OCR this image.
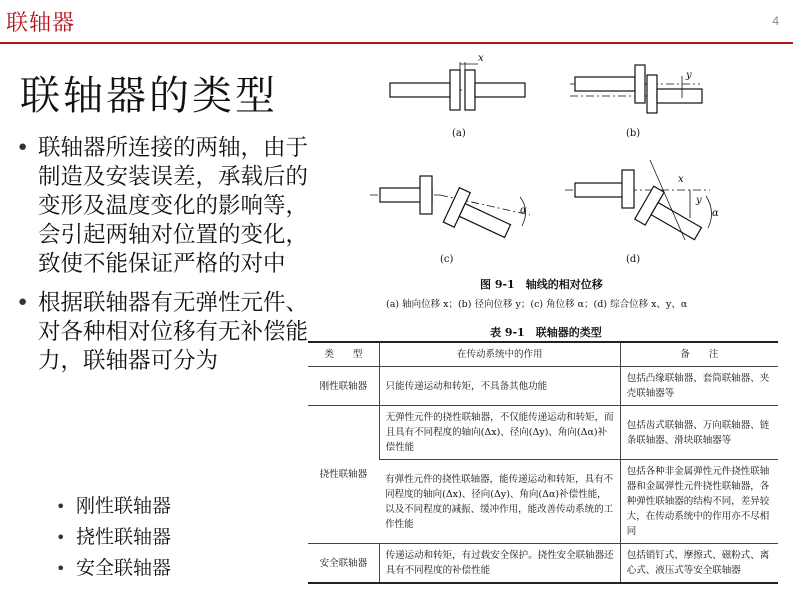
联轴器	4
联轴器的类型
• 联轴器所连接的两轴，由于制造及安装误差，承载后的变形及温度变化的影响等，会引起两轴对位置的变化，致使不能保证严格的对中
• 根据联轴器有无弹性元件、对各种相对位移有无补偿能力，联轴器可分为
• 刚性联轴器
• 挠性联轴器
• 安全联轴器
x
y
α
x
y
α
(a)	(b)
(c)	(d)
图 9-1　轴线的相对位移
(a) 轴向位移 x；(b) 径向位移 y；(c) 角位移 α；(d) 综合位移 x、y、α
表 9-1　联轴器的类型
类　　型	在传动系统中的作用	备　　注
刚性联轴器	只能传递运动和转矩，不具备其他功能	包括凸缘联轴器、套筒联轴器、夹壳联轴器等
挠性联轴器	无弹性元件的挠性联轴器，不仅能传递运动和转矩，而且具有不同程度的轴向(Δx)、径向(Δy)、角向(Δα)补偿性能	包括齿式联轴器、万向联轴器、链条联轴器、滑块联轴器等
	有弹性元件的挠性联轴器，能传递运动和转矩，具有不同程度的轴向(Δx)、径向(Δy)、角向(Δα)补偿性能，以及不同程度的减振、缓冲作用，能改善传动系统的工作性能	包括各种非金属弹性元件挠性联轴器和金属弹性元件挠性联轴器，各种弹性联轴器的结构不同，差异较大，在传动系统中的作用亦不尽相同
安全联轴器	传递运动和转矩，有过载安全保护。挠性安全联轴器还具有不同程度的补偿性能	包括销钉式、摩擦式、磁粉式、离心式、液压式等安全联轴器
